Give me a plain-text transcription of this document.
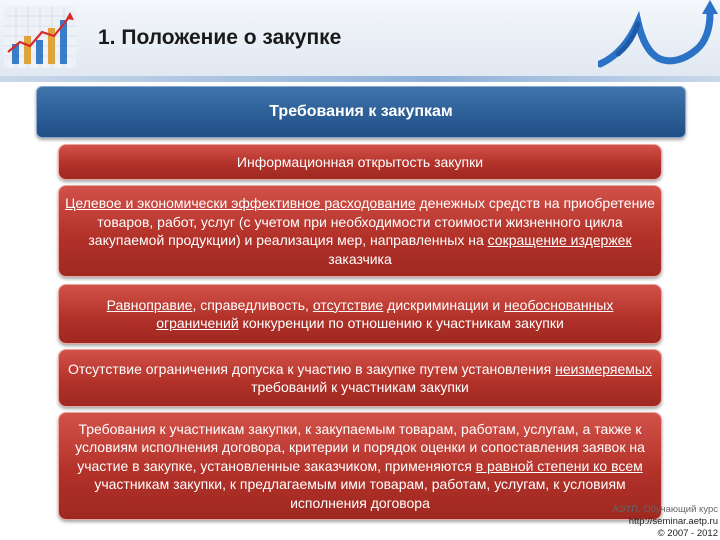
1. Положение о закупке
Требования к закупкам
Информационная открытость закупки
Целевое и экономически эффективное расходование денежных средств на приобретение товаров, работ, услуг (с учетом при необходимости стоимости жизненного цикла закупаемой продукции) и реализация мер, направленных на сокращение издержек заказчика
Равноправие, справедливость, отсутствие дискриминации и необоснованных ограничений конкуренции по отношению к участникам закупки
Отсутствие ограничения допуска к участию в закупке путем установления неизмеряемых требований к участникам закупки
Требования к участникам закупки, к закупаемым товарам, работам, услугам, а также к условиям исполнения договора, критерии и порядок оценки и сопоставления заявок на участие в закупке, установленные заказчиком, применяются в равной степени ко всем участникам закупки, к предлагаемым ими товарам, работам, услугам, к условиям исполнения договора	АЭТП. Обучающий курс
http://seminar.aetp.ru
© 2007 - 2012
